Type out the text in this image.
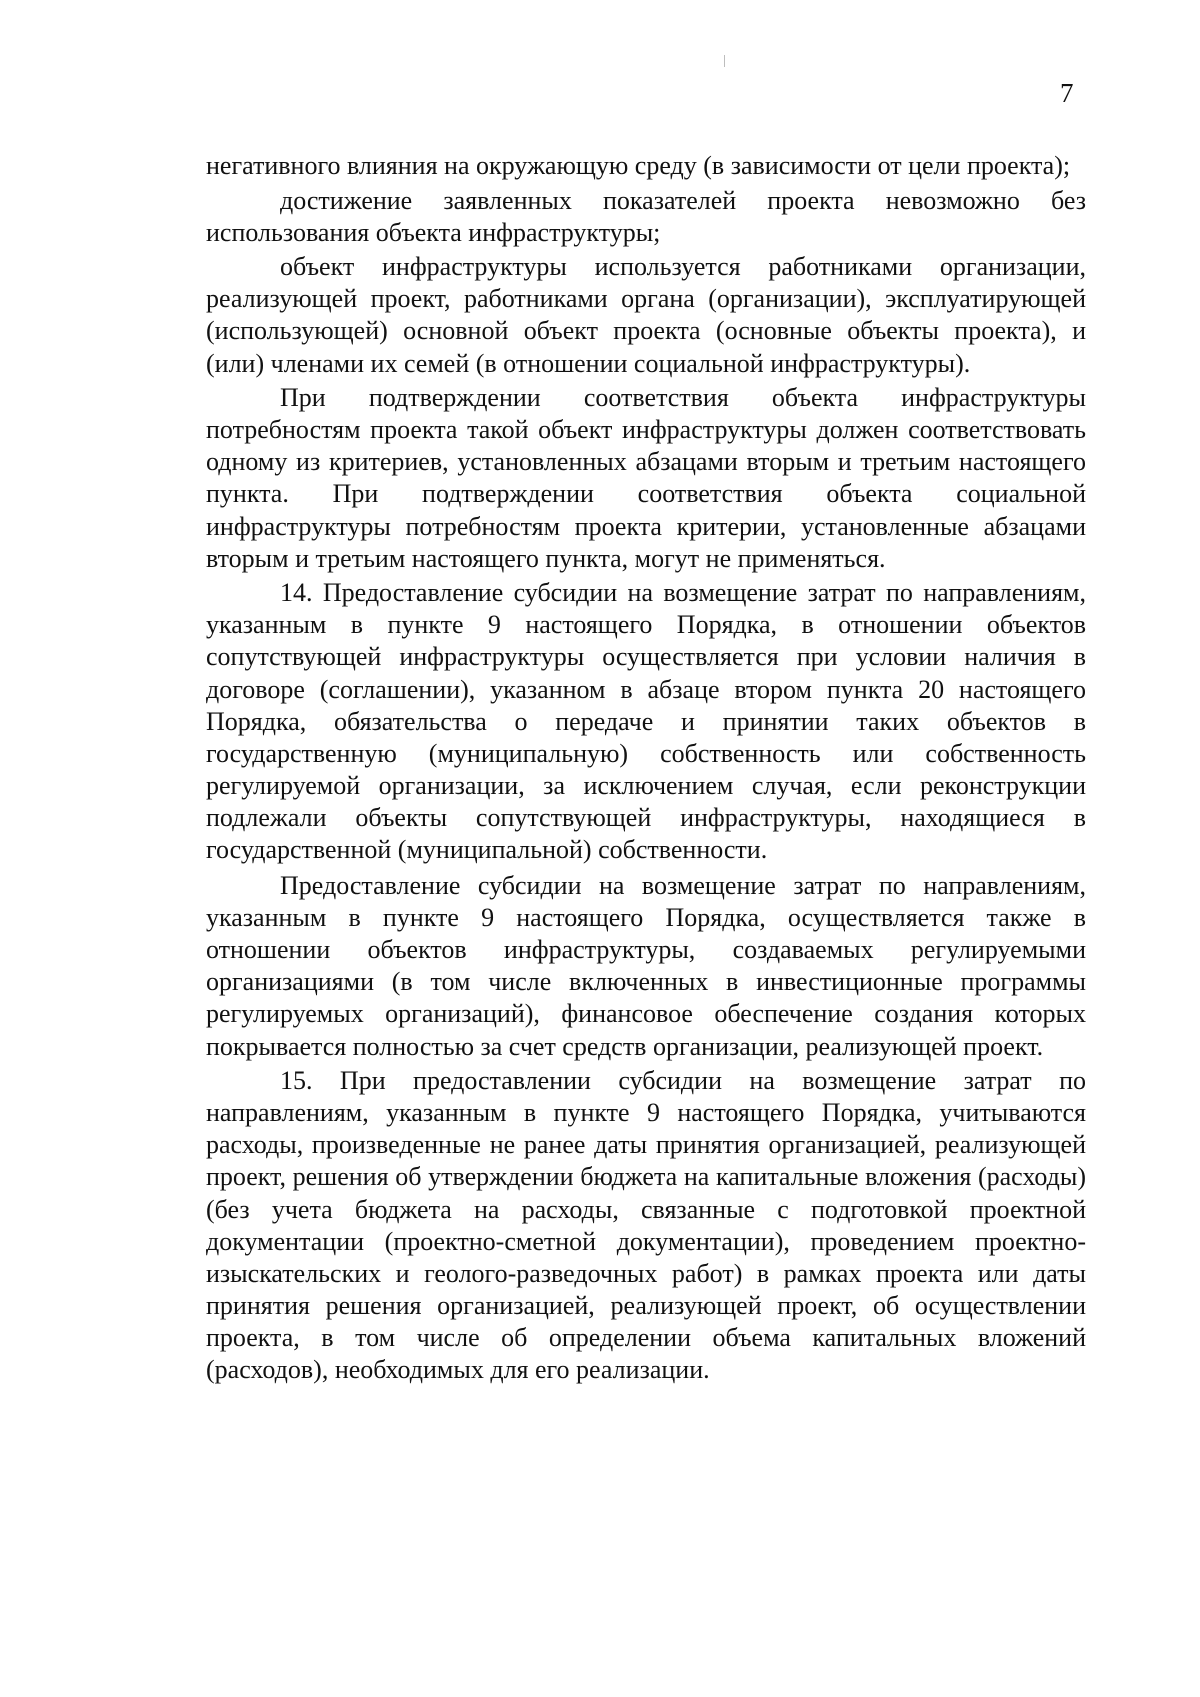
7

негативного влияния на окружающую среду (в зависимости от цели проекта);

достижение заявленных показателей проекта невозможно без использования объекта инфраструктуры;

объект инфраструктуры используется работниками организации, реализующей проект, работниками органа (организации), эксплуатирующей (использующей) основной объект проекта (основные объекты проекта), и (или) членами их семей (в отношении социальной инфраструктуры).

При подтверждении соответствия объекта инфраструктуры потребностям проекта такой объект инфраструктуры должен соответствовать одному из критериев, установленных абзацами вторым и третьим настоящего пункта. При подтверждении соответствия объекта социальной инфраструктуры потребностям проекта критерии, установленные абзацами вторым и третьим настоящего пункта, могут не применяться.

14. Предоставление субсидии на возмещение затрат по направлениям, указанным в пункте 9 настоящего Порядка, в отношении объектов сопутствующей инфраструктуры осуществляется при условии наличия в договоре (соглашении), указанном в абзаце втором пункта 20 настоящего Порядка, обязательства о передаче и принятии таких объектов в государственную (муниципальную) собственность или собственность регулируемой организации, за исключением случая, если реконструкции подлежали объекты сопутствующей инфраструктуры, находящиеся в государственной (муниципальной) собственности.

Предоставление субсидии на возмещение затрат по направлениям, указанным в пункте 9 настоящего Порядка, осуществляется также в отношении объектов инфраструктуры, создаваемых регулируемыми организациями (в том числе включенных в инвестиционные программы регулируемых организаций), финансовое обеспечение создания которых покрывается полностью за счет средств организации, реализующей проект.

15. При предоставлении субсидии на возмещение затрат по направлениям, указанным в пункте 9 настоящего Порядка, учитываются расходы, произведенные не ранее даты принятия организацией, реализующей проект, решения об утверждении бюджета на капитальные вложения (расходы) (без учета бюджета на расходы, связанные с подготовкой проектной документации (проектно-сметной документации), проведением проектно-изыскательских и геолого-разведочных работ) в рамках проекта или даты принятия решения организацией, реализующей проект, об осуществлении проекта, в том числе об определении объема капитальных вложений (расходов), необходимых для его реализации.
